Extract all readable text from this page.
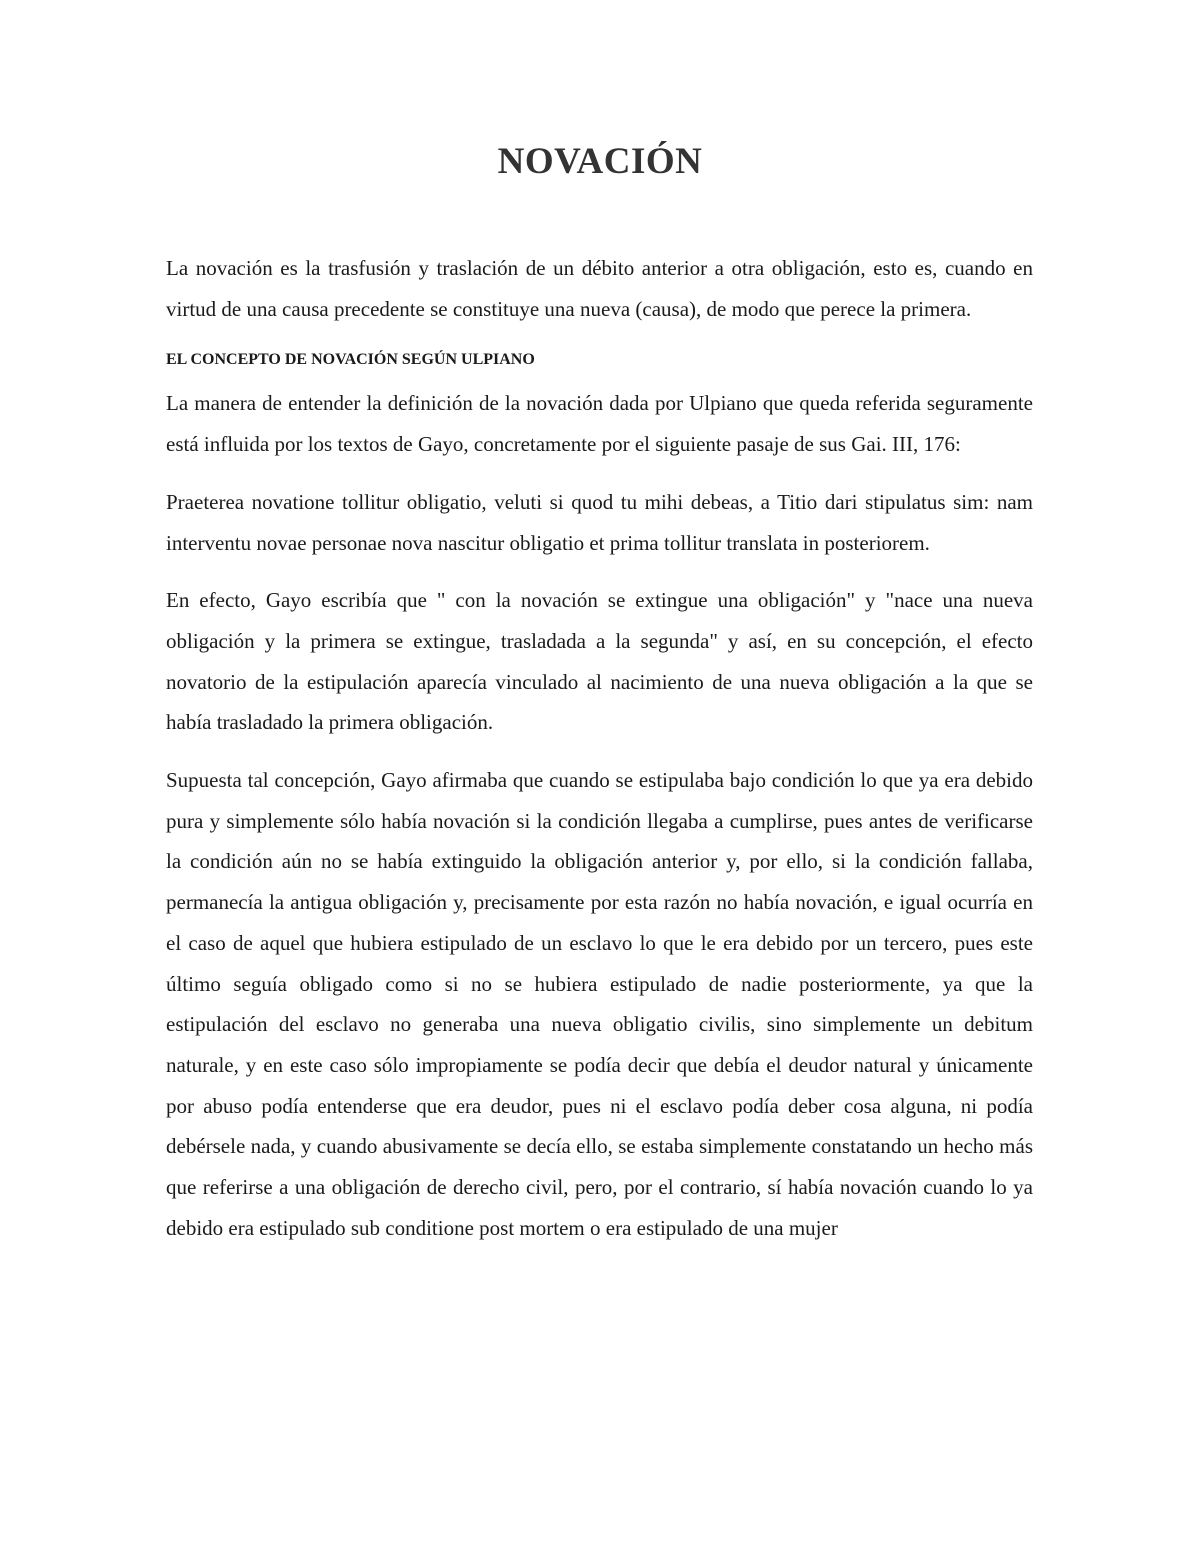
NOVACIÓN

La novación es la trasfusión y traslación de un débito anterior a otra obligación, esto es, cuando en virtud de una causa precedente se constituye una nueva (causa), de modo que perece la primera.

EL CONCEPTO DE NOVACIÓN SEGÚN ULPIANO

La manera de entender la definición de la novación dada por Ulpiano que queda referida seguramente está influida por los textos de Gayo, concretamente por el siguiente pasaje de sus Gai. III, 176:

Praeterea novatione tollitur obligatio, veluti si quod tu mihi debeas, a Titio dari stipulatus sim: nam interventu novae personae nova nascitur obligatio et prima tollitur translata in posteriorem.

En efecto, Gayo escribía que " con la novación se extingue una obligación" y "nace una nueva obligación y la primera se extingue, trasladada a la segunda" y así, en su concepción, el efecto novatorio de la estipulación aparecía vinculado al nacimiento de una nueva obligación a la que se había trasladado la primera obligación.

Supuesta tal concepción, Gayo afirmaba que cuando se estipulaba bajo condición lo que ya era debido pura y simplemente sólo había novación si la condición llegaba a cumplirse, pues antes de verificarse la condición aún no se había extinguido la obligación anterior y, por ello, si la condición fallaba, permanecía la antigua obligación y, precisamente por esta razón no había novación, e igual ocurría en el caso de aquel que hubiera estipulado de un esclavo lo que le era debido por un tercero, pues este último seguía obligado como si no se hubiera estipulado de nadie posteriormente, ya que la estipulación del esclavo no generaba una nueva obligatio civilis, sino simplemente un debitum naturale, y en este caso sólo impropiamente se podía decir que debía el deudor natural y únicamente por abuso podía entenderse que era deudor, pues ni el esclavo podía deber cosa alguna, ni podía debérsele nada, y cuando abusivamente se decía ello, se estaba simplemente constatando un hecho más que referirse a una obligación de derecho civil, pero, por el contrario, sí había novación cuando lo ya debido era estipulado sub conditione post mortem o era estipulado de una mujer
